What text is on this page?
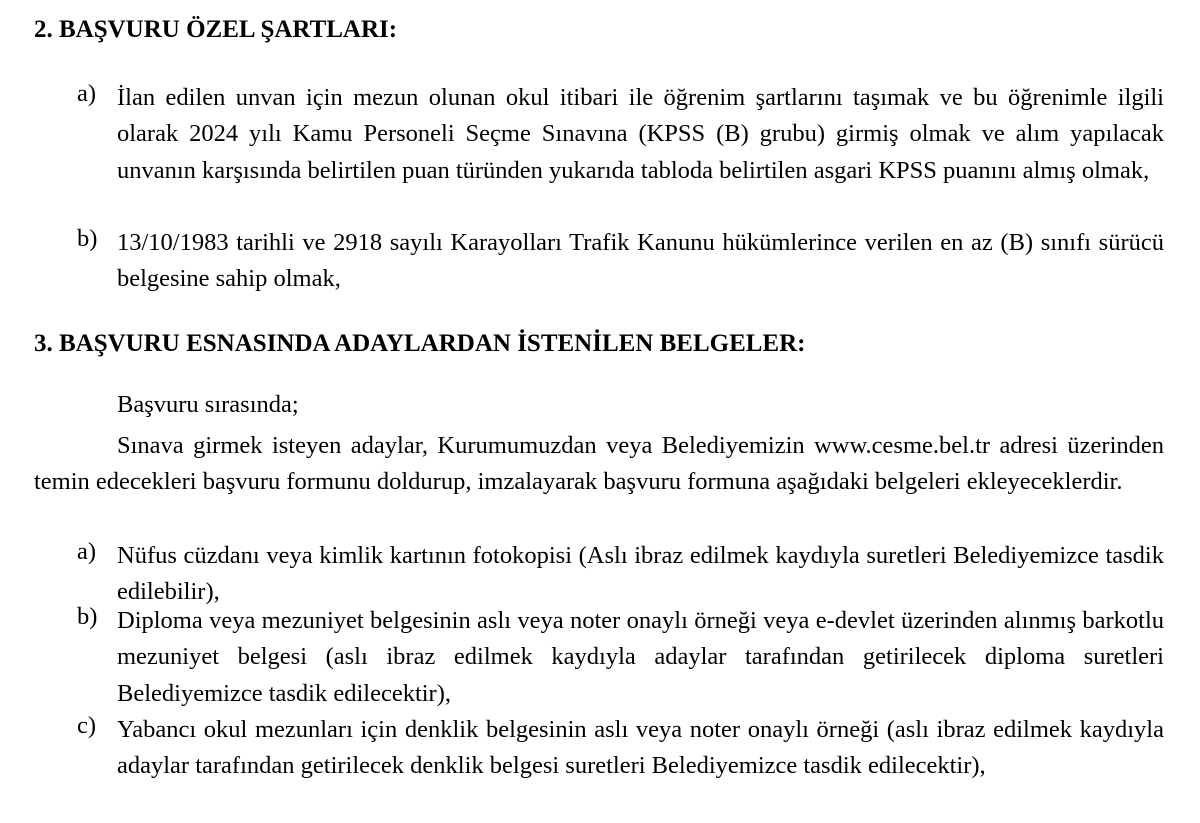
2. BAŞVURU ÖZEL ŞARTLARI:
a) İlan edilen unvan için mezun olunan okul itibari ile öğrenim şartlarını taşımak ve bu öğrenimle ilgili olarak 2024 yılı Kamu Personeli Seçme Sınavına (KPSS (B) grubu) girmiş olmak ve alım yapılacak unvanın karşısında belirtilen puan türünden yukarıda tabloda belirtilen asgari KPSS puanını almış olmak,
b) 13/10/1983 tarihli ve 2918 sayılı Karayolları Trafik Kanunu hükümlerince verilen en az (B) sınıfı sürücü belgesine sahip olmak,
3. BAŞVURU ESNASINDA ADAYLARDAN İSTENİLEN BELGELER:
Başvuru sırasında;
Sınava girmek isteyen adaylar, Kurumumuzdan veya Belediyemizin www.cesme.bel.tr adresi üzerinden temin edecekleri başvuru formunu doldurup, imzalayarak başvuru formuna aşağıdaki belgeleri ekleyeceklerdir.
a) Nüfus cüzdanı veya kimlik kartının fotokopisi (Aslı ibraz edilmek kaydıyla suretleri Belediyemizce tasdik edilebilir),
b) Diploma veya mezuniyet belgesinin aslı veya noter onaylı örneği veya e-devlet üzerinden alınmış barkotlu mezuniyet belgesi (aslı ibraz edilmek kaydıyla adaylar tarafından getirilecek diploma suretleri Belediyemizce tasdik edilecektir),
c) Yabancı okul mezunları için denklik belgesinin aslı veya noter onaylı örneği (aslı ibraz edilmek kaydıyla adaylar tarafından getirilecek denklik belgesi suretleri Belediyemizce tasdik edilecektir),
